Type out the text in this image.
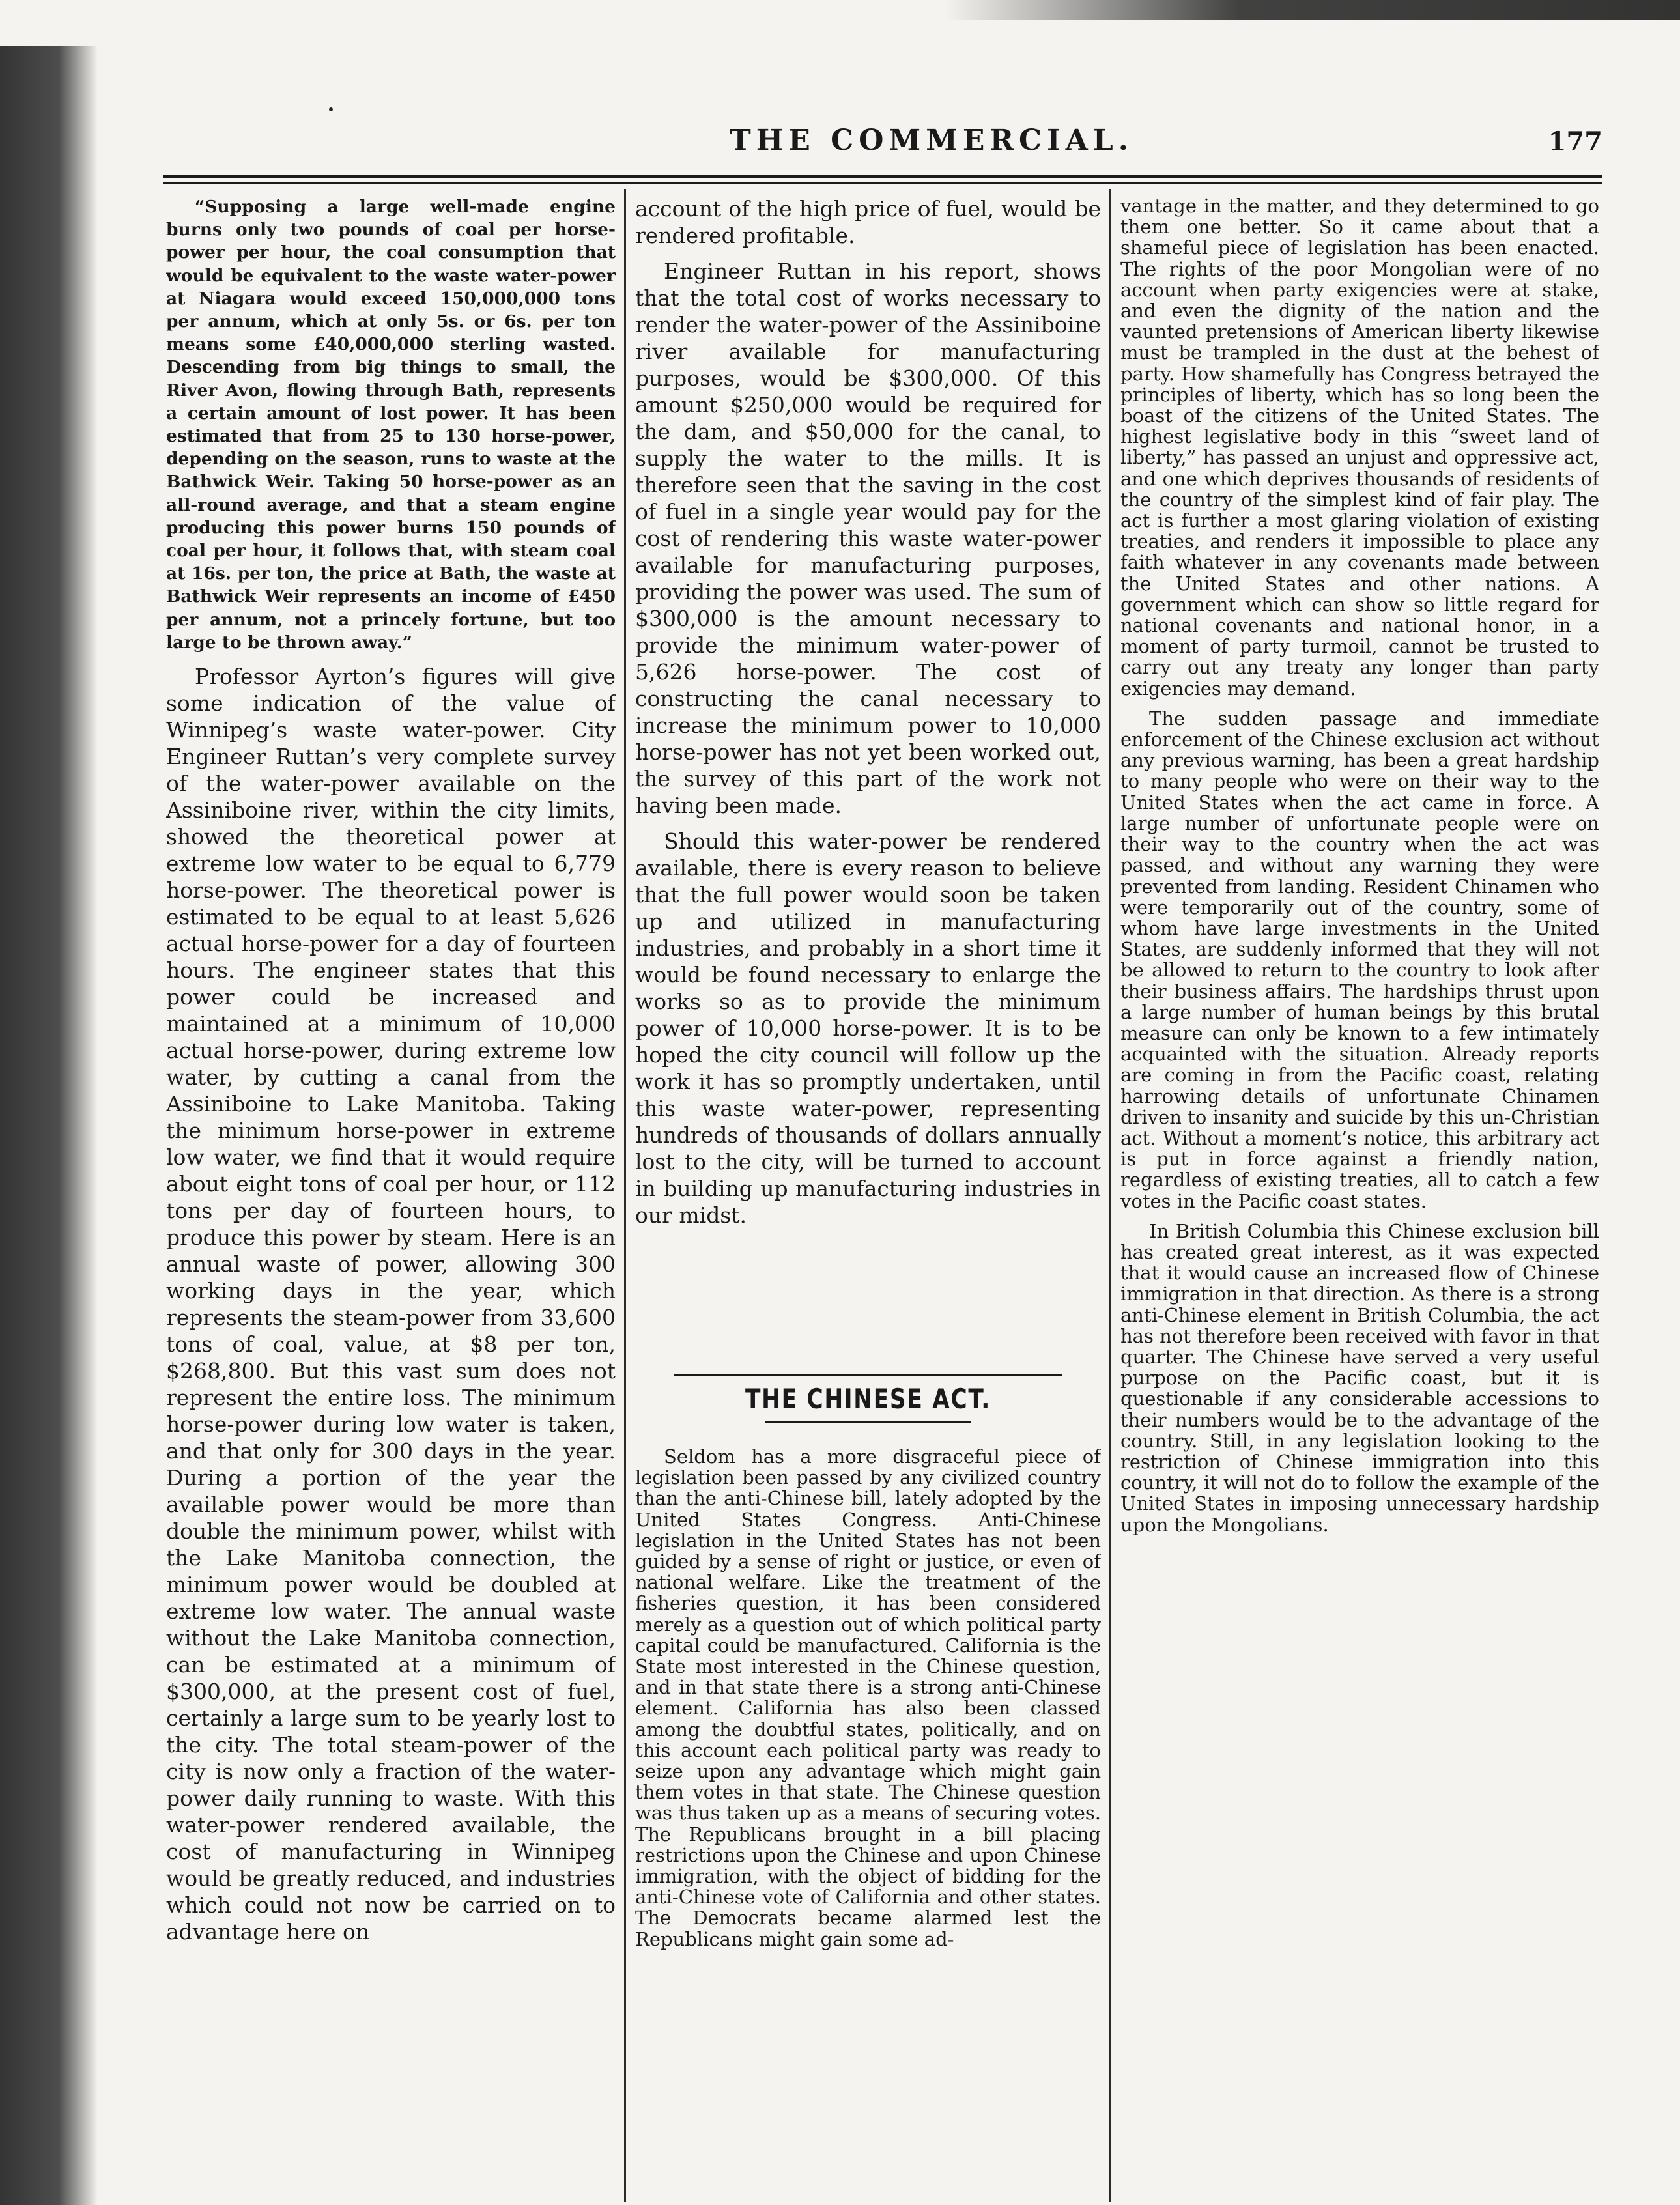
THE COMMERCIAL.	177

“Supposing a large well-made engine burns only two pounds of coal per horse-power per hour, the coal consumption that would be equivalent to the waste water-power at Niagara would exceed 150,000,000 tons per annum, which at only 5s. or 6s. per ton means some £40,000,000 sterling wasted. Descending from big things to small, the River Avon, flowing through Bath, represents a certain amount of lost power. It has been estimated that from 25 to 130 horse-power, depending on the season, runs to waste at the Bathwick Weir. Taking 50 horse-power as an all-round average, and that a steam engine producing this power burns 150 pounds of coal per hour, it follows that, with steam coal at 16s. per ton, the price at Bath, the waste at Bathwick Weir represents an income of £450 per annum, not a princely fortune, but too large to be thrown away.”

Professor Ayrton’s figures will give some indication of the value of Winnipeg’s waste water-power. City Engineer Ruttan’s very complete survey of the water-power available on the Assiniboine river, within the city limits, showed the theoretical power at extreme low water to be equal to 6,779 horse-power. The theoretical power is estimated to be equal to at least 5,626 actual horse-power for a day of fourteen hours. The engineer states that this power could be increased and maintained at a minimum of 10,000 actual horse-power, during extreme low water, by cutting a canal from the Assiniboine to Lake Manitoba. Taking the minimum horse-power in extreme low water, we find that it would require about eight tons of coal per hour, or 112 tons per day of fourteen hours, to produce this power by steam. Here is an annual waste of power, allowing 300 working days in the year, which represents the steam-power from 33,600 tons of coal, value, at $8 per ton, $268,800. But this vast sum does not represent the entire loss. The minimum horse-power during low water is taken, and that only for 300 days in the year. During a portion of the year the available power would be more than double the minimum power, whilst with the Lake Manitoba connection, the minimum power would be doubled at extreme low water. The annual waste without the Lake Manitoba connection, can be estimated at a minimum of $300,000, at the present cost of fuel, certainly a large sum to be yearly lost to the city. The total steam-power of the city is now only a fraction of the water-power daily running to waste. With this water-power rendered available, the cost of manufacturing in Winnipeg would be greatly reduced, and industries which could not now be carried on to advantage here on

account of the high price of fuel, would be rendered profitable.

Engineer Ruttan in his report, shows that the total cost of works necessary to render the water-power of the Assiniboine river available for manufacturing purposes, would be $300,000. Of this amount $250,000 would be required for the dam, and $50,000 for the canal, to supply the water to the mills. It is therefore seen that the saving in the cost of fuel in a single year would pay for the cost of rendering this waste water-power available for manufacturing purposes, providing the power was used. The sum of $300,000 is the amount necessary to provide the minimum water-power of 5,626 horse-power. The cost of constructing the canal necessary to increase the minimum power to 10,000 horse-power has not yet been worked out, the survey of this part of the work not having been made.

Should this water-power be rendered available, there is every reason to believe that the full power would soon be taken up and utilized in manufacturing industries, and probably in a short time it would be found necessary to enlarge the works so as to provide the minimum power of 10,000 horse-power. It is to be hoped the city council will follow up the work it has so promptly undertaken, until this waste water-power, representing hundreds of thousands of dollars annually lost to the city, will be turned to account in building up manufacturing industries in our midst.

THE CHINESE ACT.

Seldom has a more disgraceful piece of legislation been passed by any civilized country than the anti-Chinese bill, lately adopted by the United States Congress. Anti-Chinese legislation in the United States has not been guided by a sense of right or justice, or even of national welfare. Like the treatment of the fisheries question, it has been considered merely as a question out of which political party capital could be manufactured. California is the State most interested in the Chinese question, and in that state there is a strong anti-Chinese element. California has also been classed among the doubtful states, politically, and on this account each political party was ready to seize upon any advantage which might gain them votes in that state. The Chinese question was thus taken up as a means of securing votes. The Republicans brought in a bill placing restrictions upon the Chinese and upon Chinese immigration, with the object of bidding for the anti-Chinese vote of California and other states. The Democrats became alarmed lest the Republicans might gain some ad-

vantage in the matter, and they determined to go them one better. So it came about that a shameful piece of legislation has been enacted. The rights of the poor Mongolian were of no account when party exigencies were at stake, and even the dignity of the nation and the vaunted pretensions of American liberty likewise must be trampled in the dust at the behest of party. How shamefully has Congress betrayed the principles of liberty, which has so long been the boast of the citizens of the United States. The highest legislative body in this “sweet land of liberty,” has passed an unjust and oppressive act, and one which deprives thousands of residents of the country of the simplest kind of fair play. The act is further a most glaring violation of existing treaties, and renders it impossible to place any faith whatever in any covenants made between the United States and other nations. A government which can show so little regard for national covenants and national honor, in a moment of party turmoil, cannot be trusted to carry out any treaty any longer than party exigencies may demand.

The sudden passage and immediate enforcement of the Chinese exclusion act without any previous warning, has been a great hardship to many people who were on their way to the United States when the act came in force. A large number of unfortunate people were on their way to the country when the act was passed, and without any warning they were prevented from landing. Resident Chinamen who were temporarily out of the country, some of whom have large investments in the United States, are suddenly informed that they will not be allowed to return to the country to look after their business affairs. The hardships thrust upon a large number of human beings by this brutal measure can only be known to a few intimately acquainted with the situation. Already reports are coming in from the Pacific coast, relating harrowing details of unfortunate Chinamen driven to insanity and suicide by this un-Christian act. Without a moment’s notice, this arbitrary act is put in force against a friendly nation, regardless of existing treaties, all to catch a few votes in the Pacific coast states.

In British Columbia this Chinese exclusion bill has created great interest, as it was expected that it would cause an increased flow of Chinese immigration in that direction. As there is a strong anti-Chinese element in British Columbia, the act has not therefore been received with favor in that quarter. The Chinese have served a very useful purpose on the Pacific coast, but it is questionable if any considerable accessions to their numbers would be to the advantage of the country. Still, in any legislation looking to the restriction of Chinese immigration into this country, it will not do to follow the example of the United States in imposing unnecessary hardship upon the Mongolians.
